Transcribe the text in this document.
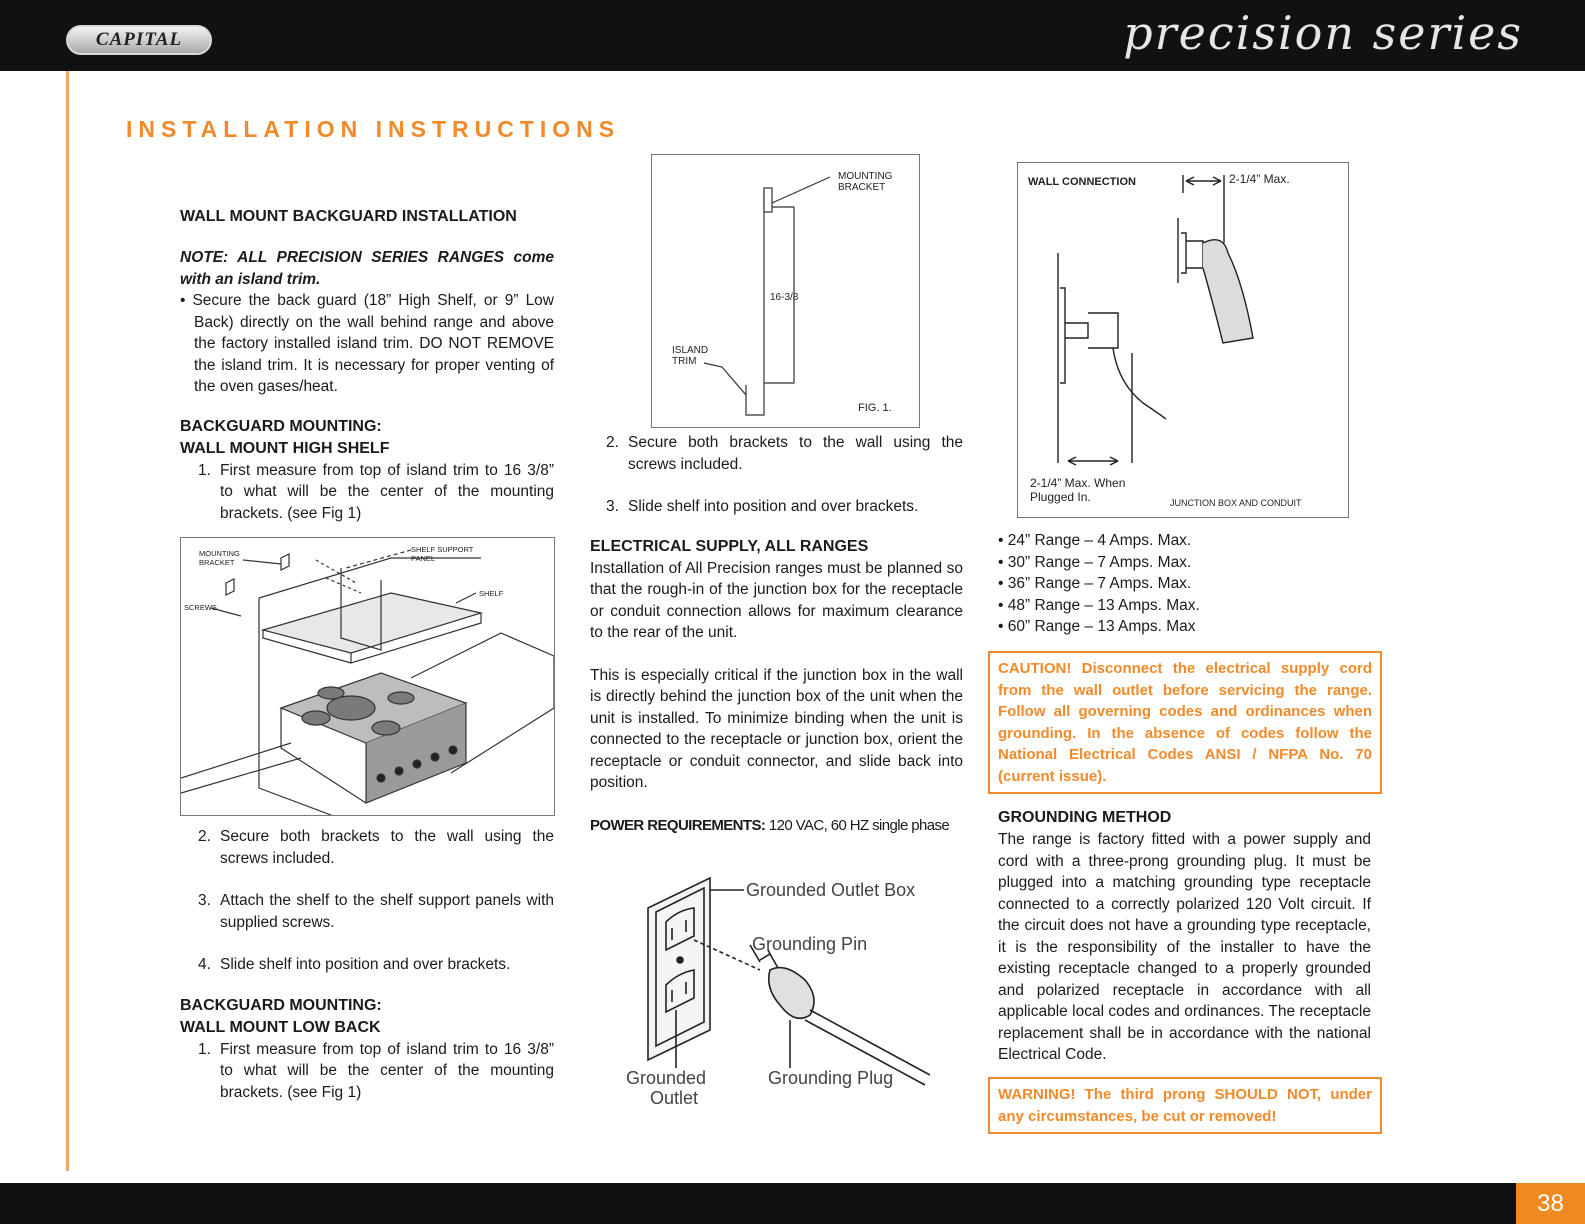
CAPITAL	precision series
INSTALLATION INSTRUCTIONS

WALL MOUNT BACKGUARD INSTALLATION

NOTE: ALL PRECISION SERIES RANGES come with an island trim.

• Secure the back guard (18” High Shelf, or 9” Low Back) directly on the wall behind range and above the factory installed island trim. DO NOT REMOVE the island trim. It is necessary for proper venting of the oven gases/heat.

BACKGUARD MOUNTING:

WALL MOUNT HIGH SHELF

1. First measure from top of island trim to 16 3/8” to what will be the center of the mounting brackets. (see Fig 1)

MOUNTING
BRACKET
SCREWS
SHELF SUPPORT
PANEL
SHELF
2. Secure both brackets to the wall using the screws included.

3. Attach the shelf to the shelf support panels with supplied screws.

4. Slide shelf into position and over brackets.

BACKGUARD MOUNTING:

WALL MOUNT LOW BACK

1. First measure from top of island trim to 16 3/8” to what will be the center of the mounting brackets. (see Fig 1)

MOUNTING
BRACKET
16-3/8
ISLAND
TRIM
FIG. 1.
2. Secure both brackets to the wall using the screws included.

3. Slide shelf into position and over brackets.

ELECTRICAL SUPPLY, ALL RANGES

Installation of All Precision ranges must be planned so that the rough-in of the junction box for the receptacle or conduit connection allows for maximum clearance to the rear of the unit.

This is especially critical if the junction box in the wall is directly behind the junction box of the unit when the unit is installed. To minimize binding when the unit is connected to the receptacle or junction box, orient the receptacle or conduit connector, and slide back into position.

POWER REQUIREMENTS: 120 VAC, 60 HZ single phase

Grounded Outlet Box
Grounding Pin
Grounded
Outlet
Grounding Plug
WALL CONNECTION	2-1/4” Max.
2-1/4” Max. When
Plugged In.	JUNCTION BOX AND CONDUIT

• 24” Range – 4 Amps. Max.

• 30” Range – 7 Amps. Max.

• 36” Range – 7 Amps. Max.

• 48” Range – 13 Amps. Max.

• 60” Range – 13 Amps. Max

CAUTION! Disconnect the electrical supply cord from the wall outlet before servicing the range. Follow all governing codes and ordinances when grounding. In the absence of codes follow the National Electrical Codes ANSI / NFPA No. 70 (current issue).

GROUNDING METHOD

The range is factory fitted with a power supply and cord with a three-prong grounding plug. It must be plugged into a matching grounding type receptacle connected to a correctly polarized 120 Volt circuit. If the circuit does not have a grounding type receptacle, it is the responsibility of the installer to have the existing receptacle changed to a properly grounded and polarized receptacle in accordance with all applicable local codes and ordinances. The receptacle replacement shall be in accordance with the national Electrical Code.

WARNING! The third prong SHOULD NOT, under any circumstances, be cut or removed!
38
